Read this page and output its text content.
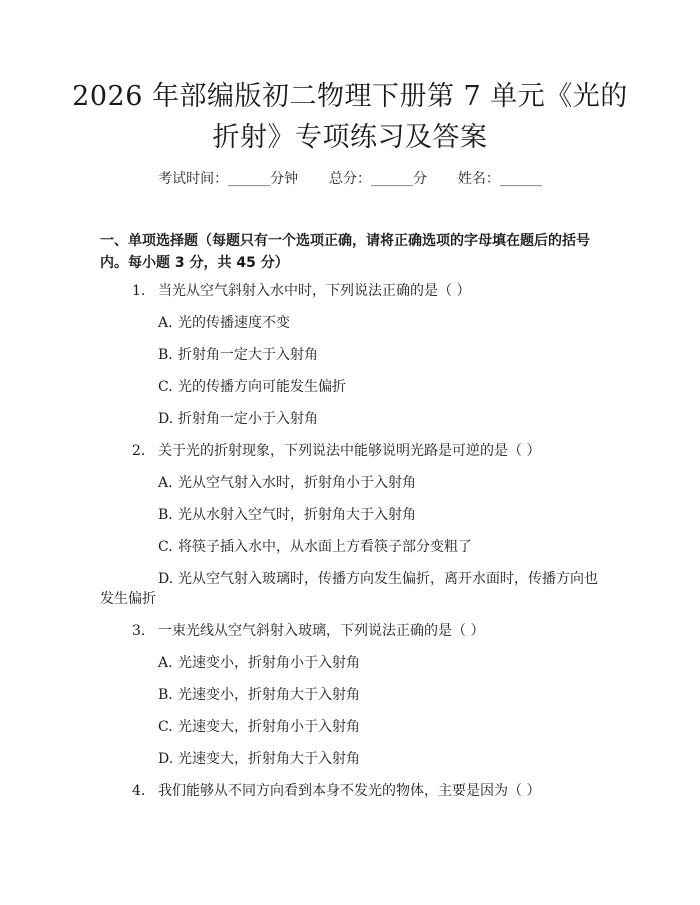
2026 年部编版初二物理下册第 7 单元《光的
折射》专项练习及答案
考试时间：______分钟 总分：______分 姓名：______
一、单项选择题（每题只有一个选项正确，请将正确选项的字母填在题后的括号
内。每小题 3 分，共 45 分）
1. 当光从空气斜射入水中时，下列说法正确的是（ ）
A. 光的传播速度不变
B. 折射角一定大于入射角
C. 光的传播方向可能发生偏折
D. 折射角一定小于入射角
2. 关于光的折射现象，下列说法中能够说明光路是可逆的是（ ）
A. 光从空气射入水时，折射角小于入射角
B. 光从水射入空气时，折射角大于入射角
C. 将筷子插入水中，从水面上方看筷子部分变粗了
D. 光从空气射入玻璃时，传播方向发生偏折，离开水面时，传播方向也
发生偏折
3. 一束光线从空气斜射入玻璃，下列说法正确的是（ ）
A. 光速变小，折射角小于入射角
B. 光速变小，折射角大于入射角
C. 光速变大，折射角小于入射角
D. 光速变大，折射角大于入射角
4. 我们能够从不同方向看到本身不发光的物体，主要是因为（ ）
